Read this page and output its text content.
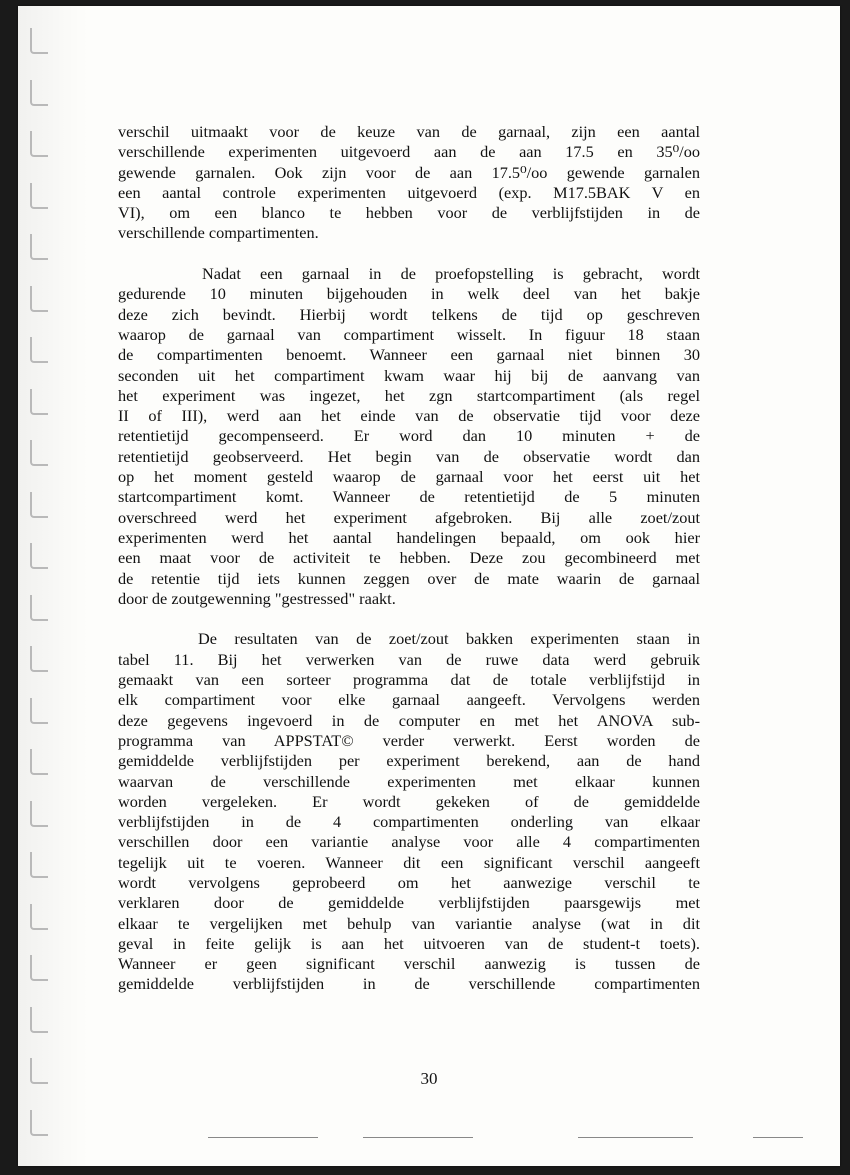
verschil uitmaakt voor de keuze van de garnaal, zijn een aantal
verschillende experimenten uitgevoerd aan de aan 17.5 en 35⁰/oo
gewende garnalen. Ook zijn voor de aan 17.5⁰/oo gewende garnalen
een aantal controle experimenten uitgevoerd (exp. M17.5BAK V en
VI), om een blanco te hebben voor de verblijfstijden in de
verschillende compartimenten.
Nadat een garnaal in de proefopstelling is gebracht, wordt
gedurende 10 minuten bijgehouden in welk deel van het bakje
deze zich bevindt. Hierbij wordt telkens de tijd op geschreven
waarop de garnaal van compartiment wisselt. In figuur 18 staan
de compartimenten benoemt. Wanneer een garnaal niet binnen 30
seconden uit het compartiment kwam waar hij bij de aanvang van
het experiment was ingezet, het zgn startcompartiment (als regel
II of III), werd aan het einde van de observatie tijd voor deze
retentietijd gecompenseerd. Er word dan 10 minuten + de
retentietijd geobserveerd. Het begin van de observatie wordt dan
op het moment gesteld waarop de garnaal voor het eerst uit het
startcompartiment komt. Wanneer de retentietijd de 5 minuten
overschreed werd het experiment afgebroken. Bij alle zoet/zout
experimenten werd het aantal handelingen bepaald, om ook hier
een maat voor de activiteit te hebben. Deze zou gecombineerd met
de retentie tijd iets kunnen zeggen over de mate waarin de garnaal
door de zoutgewenning "gestressed" raakt.
De resultaten van de zoet/zout bakken experimenten staan in
tabel 11. Bij het verwerken van de ruwe data werd gebruik
gemaakt van een sorteer programma dat de totale verblijfstijd in
elk compartiment voor elke garnaal aangeeft. Vervolgens werden
deze gegevens ingevoerd in de computer en met het ANOVA sub-
programma van APPSTAT© verder verwerkt. Eerst worden de
gemiddelde verblijfstijden per experiment berekend, aan de hand
waarvan de verschillende experimenten met elkaar kunnen
worden vergeleken. Er wordt gekeken of de gemiddelde
verblijfstijden in de 4 compartimenten onderling van elkaar
verschillen door een variantie analyse voor alle 4 compartimenten
tegelijk uit te voeren. Wanneer dit een significant verschil aangeeft
wordt vervolgens geprobeerd om het aanwezige verschil te
verklaren door de gemiddelde verblijfstijden paarsgewijs met
elkaar te vergelijken met behulp van variantie analyse (wat in dit
geval in feite gelijk is aan het uitvoeren van de student-t toets).
Wanneer er geen significant verschil aanwezig is tussen de
gemiddelde verblijfstijden in de verschillende compartimenten
30
